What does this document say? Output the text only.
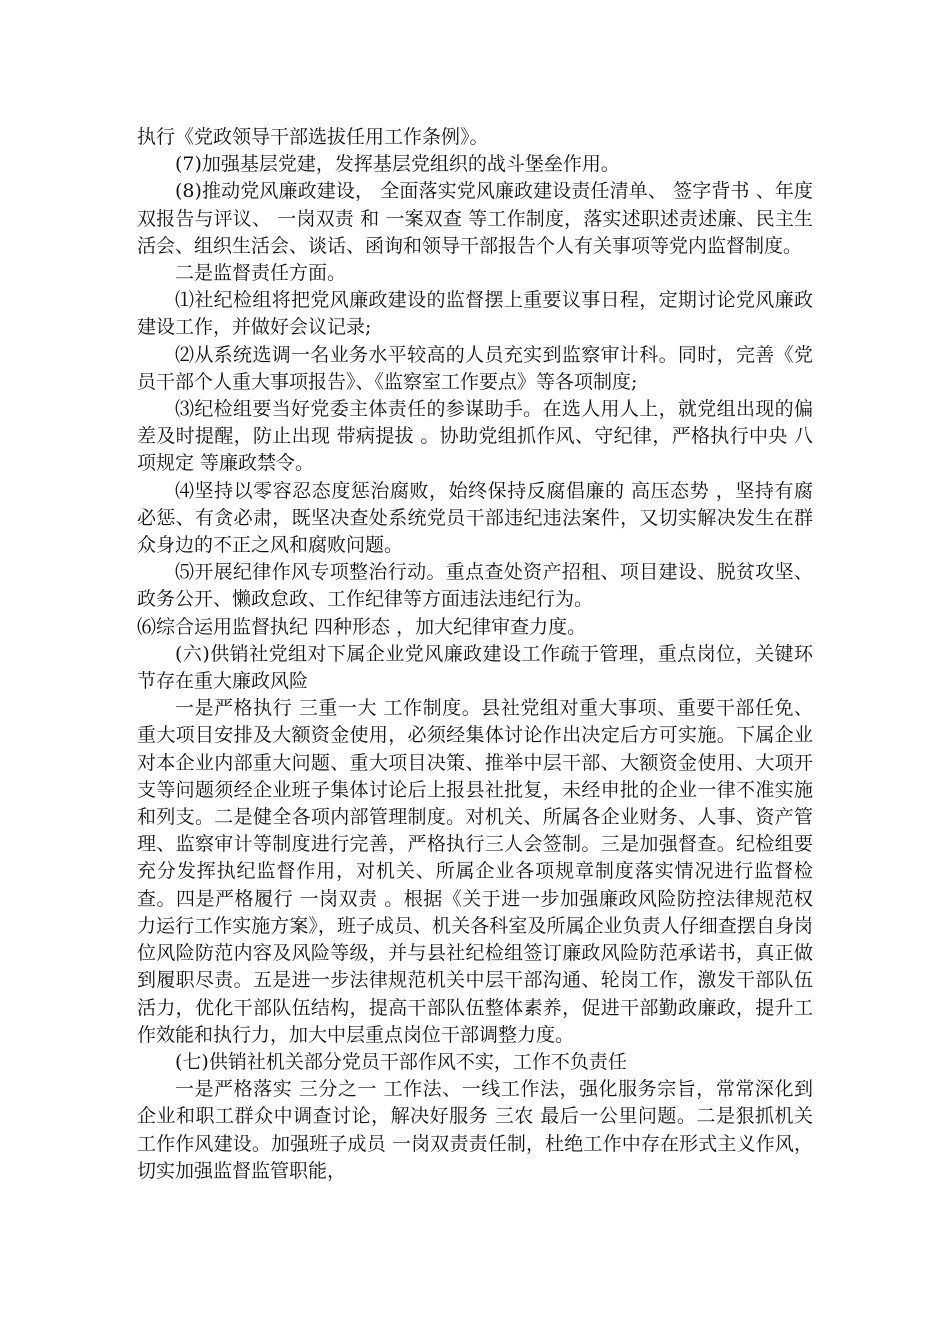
执行《党政领导干部选拔任用工作条例》。

(7)加强基层党建，发挥基层党组织的战斗堡垒作用。

(8)推动党风廉政建设， 全面落实党风廉政建设责任清单、 签字背书 、年度双报告与评议、 一岗双责 和 一案双查 等工作制度，落实述职述责述廉、民主生活会、组织生活会、谈话、函询和领导干部报告个人有关事项等党内监督制度。

二是监督责任方面。

⑴社纪检组将把党风廉政建设的监督摆上重要议事日程，定期讨论党风廉政建设工作，并做好会议记录;

⑵从系统选调一名业务水平较高的人员充实到监察审计科。同时，完善《党员干部个人重大事项报告》、《监察室工作要点》等各项制度;

⑶纪检组要当好党委主体责任的参谋助手。在选人用人上，就党组出现的偏差及时提醒，防止出现 带病提拔 。协助党组抓作风、守纪律，严格执行中央 八项规定 等廉政禁令。

⑷坚持以零容忍态度惩治腐败，始终保持反腐倡廉的 高压态势 ，坚持有腐必惩、有贪必肃，既坚决查处系统党员干部违纪违法案件，又切实解决发生在群众身边的不正之风和腐败问题。

⑸开展纪律作风专项整治行动。重点查处资产招租、项目建设、脱贫攻坚、政务公开、懒政怠政、工作纪律等方面违法违纪行为。

⑹综合运用监督执纪 四种形态 ，加大纪律审查力度。

(六)供销社党组对下属企业党风廉政建设工作疏于管理，重点岗位，关键环节存在重大廉政风险

一是严格执行 三重一大 工作制度。县社党组对重大事项、重要干部任免、重大项目安排及大额资金使用，必须经集体讨论作出决定后方可实施。下属企业对本企业内部重大问题、重大项目决策、推举中层干部、大额资金使用、大项开支等问题须经企业班子集体讨论后上报县社批复，未经申批的企业一律不准实施和列支。二是健全各项内部管理制度。对机关、所属各企业财务、人事、资产管理、监察审计等制度进行完善，严格执行三人会签制。三是加强督查。纪检组要充分发挥执纪监督作用，对机关、所属企业各项规章制度落实情况进行监督检查。四是严格履行 一岗双责 。根据《关于进一步加强廉政风险防控法律规范权力运行工作实施方案》，班子成员、机关各科室及所属企业负责人仔细查摆自身岗位风险防范内容及风险等级，并与县社纪检组签订廉政风险防范承诺书，真正做到履职尽责。五是进一步法律规范机关中层干部沟通、轮岗工作，激发干部队伍活力，优化干部队伍结构，提高干部队伍整体素养，促进干部勤政廉政，提升工作效能和执行力，加大中层重点岗位干部调整力度。

(七)供销社机关部分党员干部作风不实，工作不负责任

一是严格落实 三分之一 工作法、一线工作法，强化服务宗旨，常常深化到企业和职工群众中调查讨论，解决好服务 三农 最后一公里问题。二是狠抓机关工作作风建设。加强班子成员 一岗双责责任制，杜绝工作中存在形式主义作风，切实加强监督监管职能，
